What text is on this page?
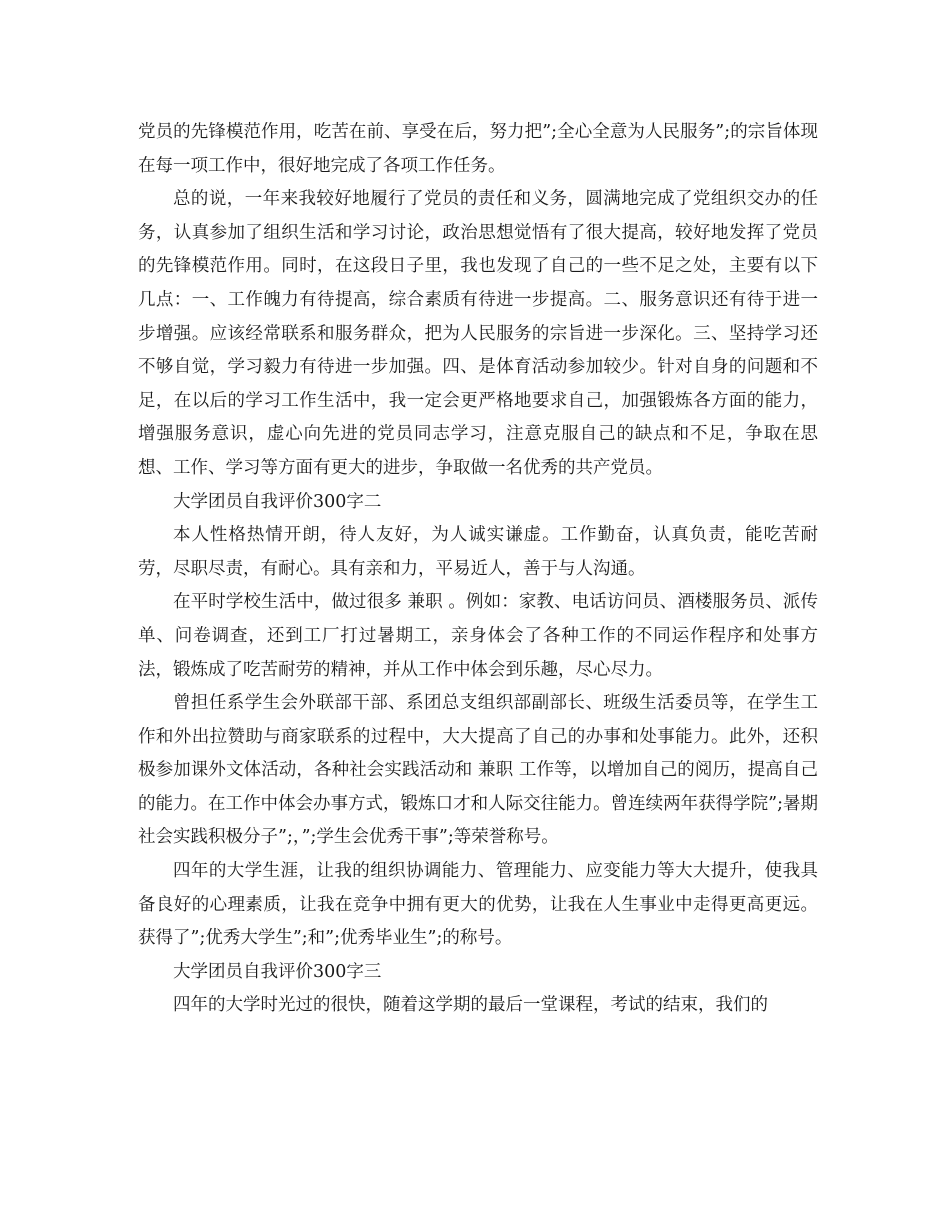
党员的先锋模范作用，吃苦在前、享受在后，努力把”;全心全意为人民服务”;的宗旨体现在每一项工作中，很好地完成了各项工作任务。

总的说，一年来我较好地履行了党员的责任和义务，圆满地完成了党组织交办的任务，认真参加了组织生活和学习讨论，政治思想觉悟有了很大提高，较好地发挥了党员的先锋模范作用。同时，在这段日子里，我也发现了自己的一些不足之处，主要有以下几点：一、工作魄力有待提高，综合素质有待进一步提高。二、服务意识还有待于进一步增强。应该经常联系和服务群众，把为人民服务的宗旨进一步深化。三、坚持学习还不够自觉，学习毅力有待进一步加强。四、是体育活动参加较少。针对自身的问题和不足，在以后的学习工作生活中，我一定会更严格地要求自己，加强锻炼各方面的能力，增强服务意识，虚心向先进的党员同志学习，注意克服自己的缺点和不足，争取在思想、工作、学习等方面有更大的进步，争取做一名优秀的共产党员。

大学团员自我评价300字二

本人性格热情开朗，待人友好，为人诚实谦虚。工作勤奋，认真负责，能吃苦耐劳，尽职尽责，有耐心。具有亲和力，平易近人，善于与人沟通。

在平时学校生活中，做过很多 兼职 。例如：家教、电话访问员、酒楼服务员、派传单、问卷调查，还到工厂打过暑期工，亲身体会了各种工作的不同运作程序和处事方法，锻炼成了吃苦耐劳的精神，并从工作中体会到乐趣，尽心尽力。

曾担任系学生会外联部干部、系团总支组织部副部长、班级生活委员等，在学生工作和外出拉赞助与商家联系的过程中，大大提高了自己的办事和处事能力。此外，还积极参加课外文体活动，各种社会实践活动和 兼职 工作等，以增加自己的阅历，提高自己的能力。在工作中体会办事方式，锻炼口才和人际交往能力。曾连续两年获得学院”;暑期社会实践积极分子”;，”;学生会优秀干事”;等荣誉称号。

四年的大学生涯，让我的组织协调能力、管理能力、应变能力等大大提升，使我具备良好的心理素质，让我在竞争中拥有更大的优势，让我在人生事业中走得更高更远。获得了”;优秀大学生”;和”;优秀毕业生”;的称号。

大学团员自我评价300字三

四年的大学时光过的很快，随着这学期的最后一堂课程，考试的结束，我们的
